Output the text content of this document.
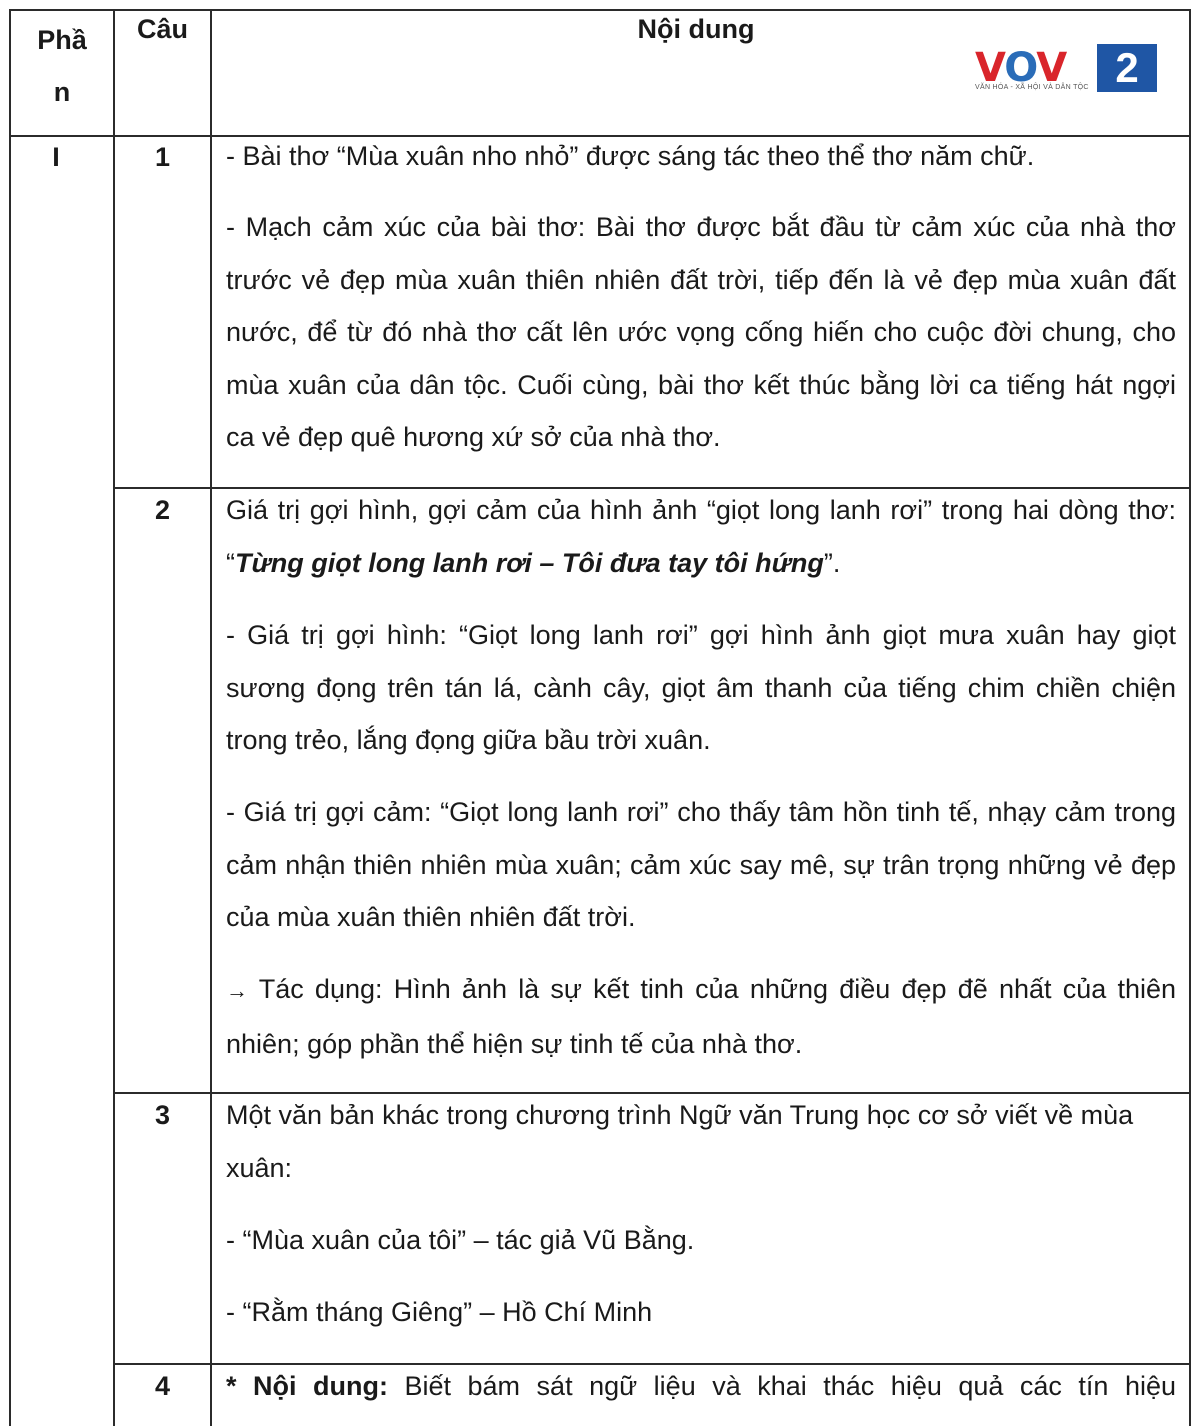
Phầ
n
Câu	Nội dung
VOV	2
VĂN HÓA - XÃ HỘI VÀ DÂN TỘC
I	1	- Bài thơ “Mùa xuân nho nhỏ” được sáng tác theo thể thơ năm chữ.

- Mạch cảm xúc của bài thơ: Bài thơ được bắt đầu từ cảm xúc của nhà thơ trước vẻ đẹp mùa xuân thiên nhiên đất trời, tiếp đến là vẻ đẹp mùa xuân đất nước, để từ đó nhà thơ cất lên ước vọng cống hiến cho cuộc đời chung, cho mùa xuân của dân tộc. Cuối cùng, bài thơ kết thúc bằng lời ca tiếng hát ngợi ca vẻ đẹp quê hương xứ sở của nhà thơ.

2	Giá trị gợi hình, gợi cảm của hình ảnh “giọt long lanh rơi” trong hai dòng thơ: “Từng giọt long lanh rơi – Tôi đưa tay tôi hứng”.

- Giá trị gợi hình: “Giọt long lanh rơi” gợi hình ảnh giọt mưa xuân hay giọt sương đọng trên tán lá, cành cây, giọt âm thanh của tiếng chim chiền chiện trong trẻo, lắng đọng giữa bầu trời xuân.

- Giá trị gợi cảm: “Giọt long lanh rơi” cho thấy tâm hồn tinh tế, nhạy cảm trong cảm nhận thiên nhiên mùa xuân; cảm xúc say mê, sự trân trọng những vẻ đẹp của mùa xuân thiên nhiên đất trời.

→ Tác dụng: Hình ảnh là sự kết tinh của những điều đẹp đẽ nhất của thiên nhiên; góp phần thể hiện sự tinh tế của nhà thơ.

3	Một văn bản khác trong chương trình Ngữ văn Trung học cơ sở viết về mùa xuân:

- “Mùa xuân của tôi” – tác giả Vũ Bằng.

- “Rằm tháng Giêng” – Hồ Chí Minh

4	* Nội dung: Biết bám sát ngữ liệu và khai thác hiệu quả các tín hiệu
